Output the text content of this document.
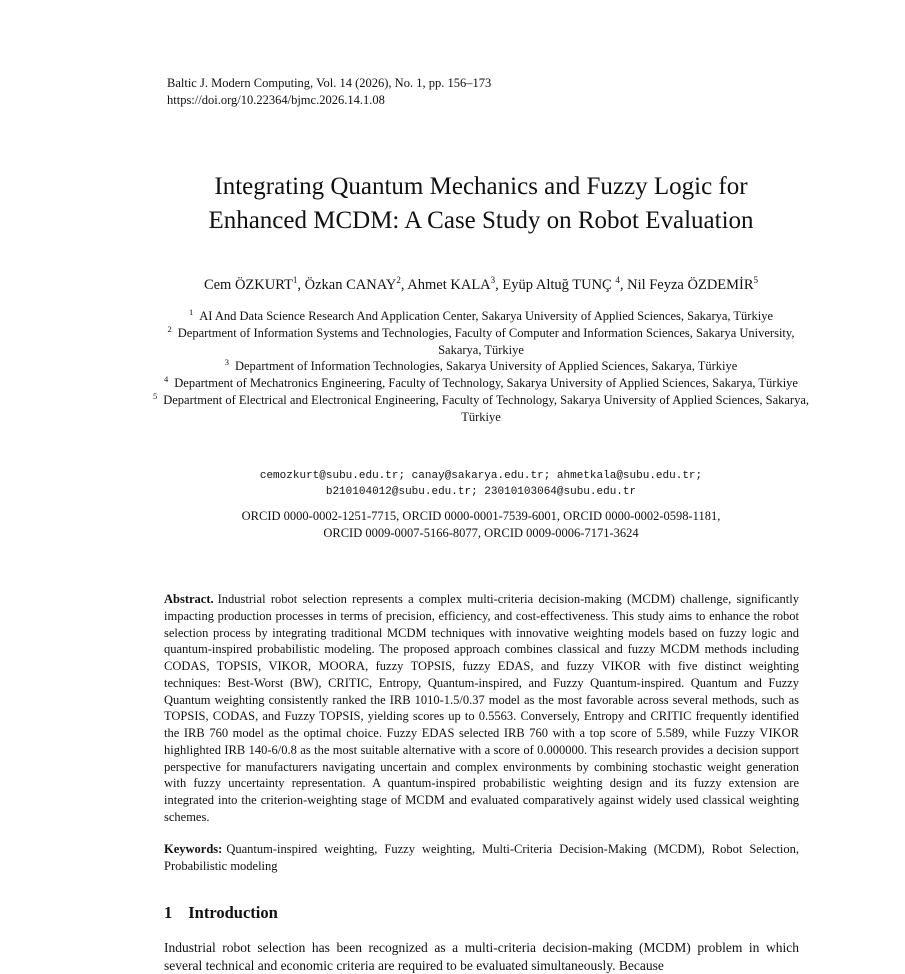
Baltic J. Modern Computing, Vol. 14 (2026), No. 1, pp. 156–173
https://doi.org/10.22364/bjmc.2026.14.1.08
Integrating Quantum Mechanics and Fuzzy Logic for
Enhanced MCDM: A Case Study on Robot Evaluation
Cem ÖZKURT$^1$, Özkan CANAY$^2$, Ahmet KALA$^3$, Eyüp Altuğ TUNÇ $^4$, Nil Feyza ÖZDEMİR$^5$

$^1$ AI And Data Science Research And Application Center, Sakarya University of Applied Sciences, Sakarya, Türkiye

$^2$ Department of Information Systems and Technologies, Faculty of Computer and Information Sciences, Sakarya University, Sakarya, Türkiye

$^3$ Department of Information Technologies, Sakarya University of Applied Sciences, Sakarya, Türkiye

$^4$ Department of Mechatronics Engineering, Faculty of Technology, Sakarya University of Applied Sciences, Sakarya, Türkiye

$^5$ Department of Electrical and Electronical Engineering, Faculty of Technology, Sakarya University of Applied Sciences, Sakarya, Türkiye

cemozkurt@subu.edu.tr; canay@sakarya.edu.tr; ahmetkala@subu.edu.tr;
b210104012@subu.edu.tr; 23010103064@subu.edu.tr
ORCID 0000-0002-1251-7715, ORCID 0000-0001-7539-6001, ORCID 0000-0002-0598-1181,
ORCID 0009-0007-5166-8077, ORCID 0009-0006-7171-3624

Abstract. Industrial robot selection represents a complex multi-criteria decision-making (MCDM) challenge, significantly impacting production processes in terms of precision, efficiency, and cost-effectiveness. This study aims to enhance the robot selection process by integrating traditional MCDM techniques with innovative weighting models based on fuzzy logic and quantum-inspired probabilistic modeling. The proposed approach combines classical and fuzzy MCDM methods including CODAS, TOPSIS, VIKOR, MOORA, fuzzy TOPSIS, fuzzy EDAS, and fuzzy VIKOR with five distinct weighting techniques: Best-Worst (BW), CRITIC, Entropy, Quantum-inspired, and Fuzzy Quantum-inspired. Quantum and Fuzzy Quantum weighting consistently ranked the IRB 1010-1.5/0.37 model as the most favorable across several methods, such as TOPSIS, CODAS, and Fuzzy TOPSIS, yielding scores up to 0.5563. Conversely, Entropy and CRITIC frequently identified the IRB 760 model as the optimal choice. Fuzzy EDAS selected IRB 760 with a top score of 5.589, while Fuzzy VIKOR highlighted IRB 140-6/0.8 as the most suitable alternative with a score of 0.000000. This research provides a decision support perspective for manufacturers navigating uncertain and complex environments by combining stochastic weight generation with fuzzy uncertainty representation. A quantum-inspired probabilistic weighting design and its fuzzy extension are integrated into the criterion-weighting stage of MCDM and evaluated comparatively against widely used classical weighting schemes.

Keywords: Quantum-inspired weighting, Fuzzy weighting, Multi-Criteria Decision-Making (MCDM), Robot Selection, Probabilistic modeling

1 Introduction

Industrial robot selection has been recognized as a multi-criteria decision-making (MCDM) problem in which several technical and economic criteria are required to be evaluated simultaneously. Because
